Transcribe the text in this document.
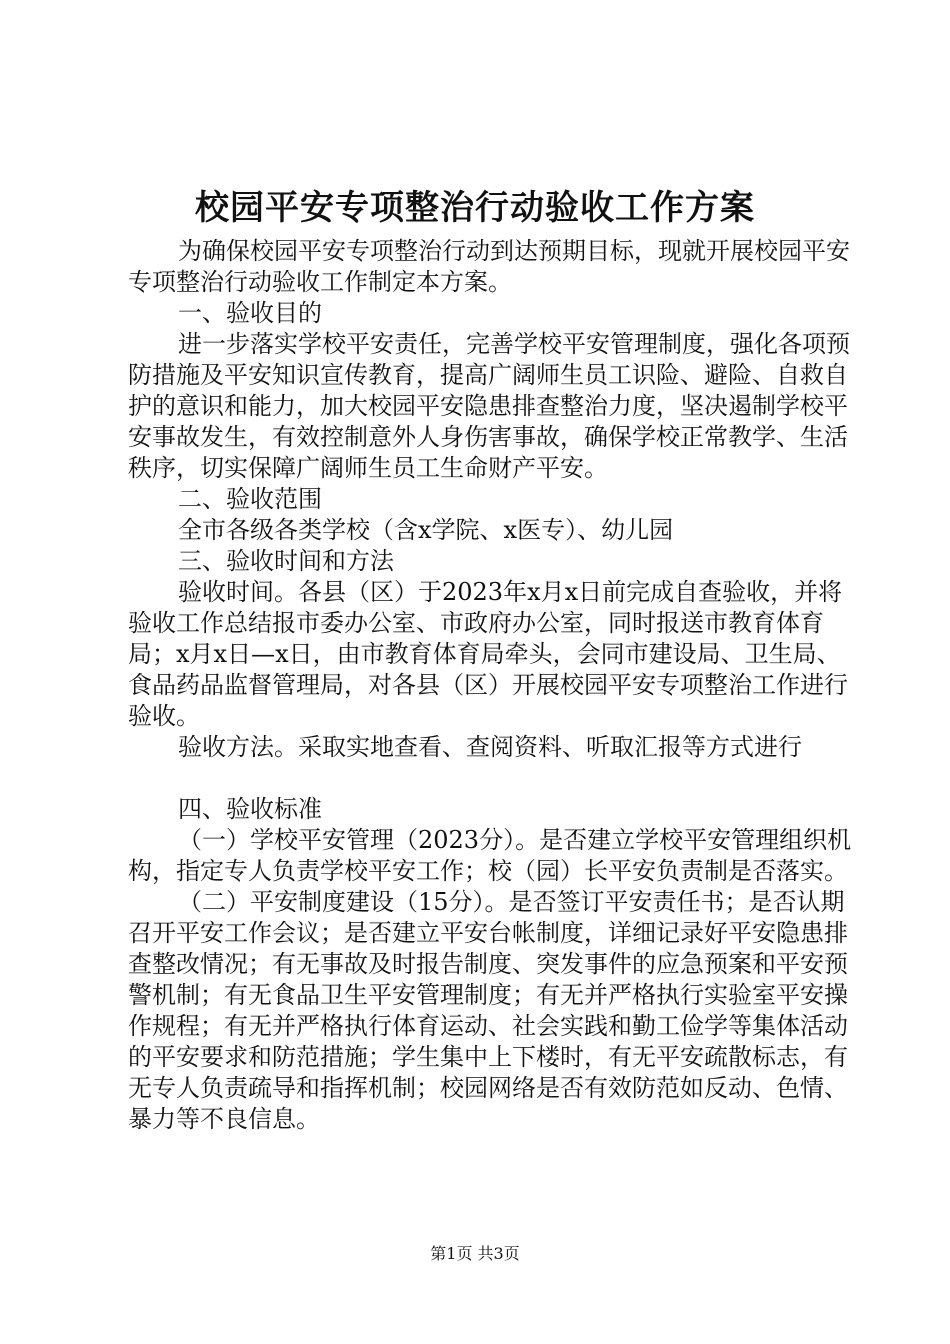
校园平安专项整治行动验收工作方案

为确保校园平安专项整治行动到达预期目标，现就开展校园平安专项整治行动验收工作制定本方案。

一、验收目的

进一步落实学校平安责任，完善学校平安管理制度，强化各项预防措施及平安知识宣传教育，提高广阔师生员工识险、避险、自救自护的意识和能力，加大校园平安隐患排查整治力度，坚决遏制学校平安事故发生，有效控制意外人身伤害事故，确保学校正常教学、生活秩序，切实保障广阔师生员工生命财产平安。

二、验收范围

全市各级各类学校（含x学院、x医专）、幼儿园

三、验收时间和方法

验收时间。各县（区）于2023年x月x日前完成自查验收，并将验收工作总结报市委办公室、市政府办公室，同时报送市教育体育局；x月x日—x日，由市教育体育局牵头，会同市建设局、卫生局、食品药品监督管理局，对各县（区）开展校园平安专项整治工作进行验收。

验收方法。采取实地查看、查阅资料、听取汇报等方式进行

四、验收标准

（一）学校平安管理（2023分）。是否建立学校平安管理组织机构，指定专人负责学校平安工作；校（园）长平安负责制是否落实。

（二）平安制度建设（15分）。是否签订平安责任书；是否认期召开平安工作会议；是否建立平安台帐制度，详细记录好平安隐患排查整改情况；有无事故及时报告制度、突发事件的应急预案和平安预警机制；有无食品卫生平安管理制度；有无并严格执行实验室平安操作规程；有无并严格执行体育运动、社会实践和勤工俭学等集体活动的平安要求和防范措施；学生集中上下楼时，有无平安疏散标志，有无专人负责疏导和指挥机制；校园网络是否有效防范如反动、色情、暴力等不良信息。

第1页 共3页
